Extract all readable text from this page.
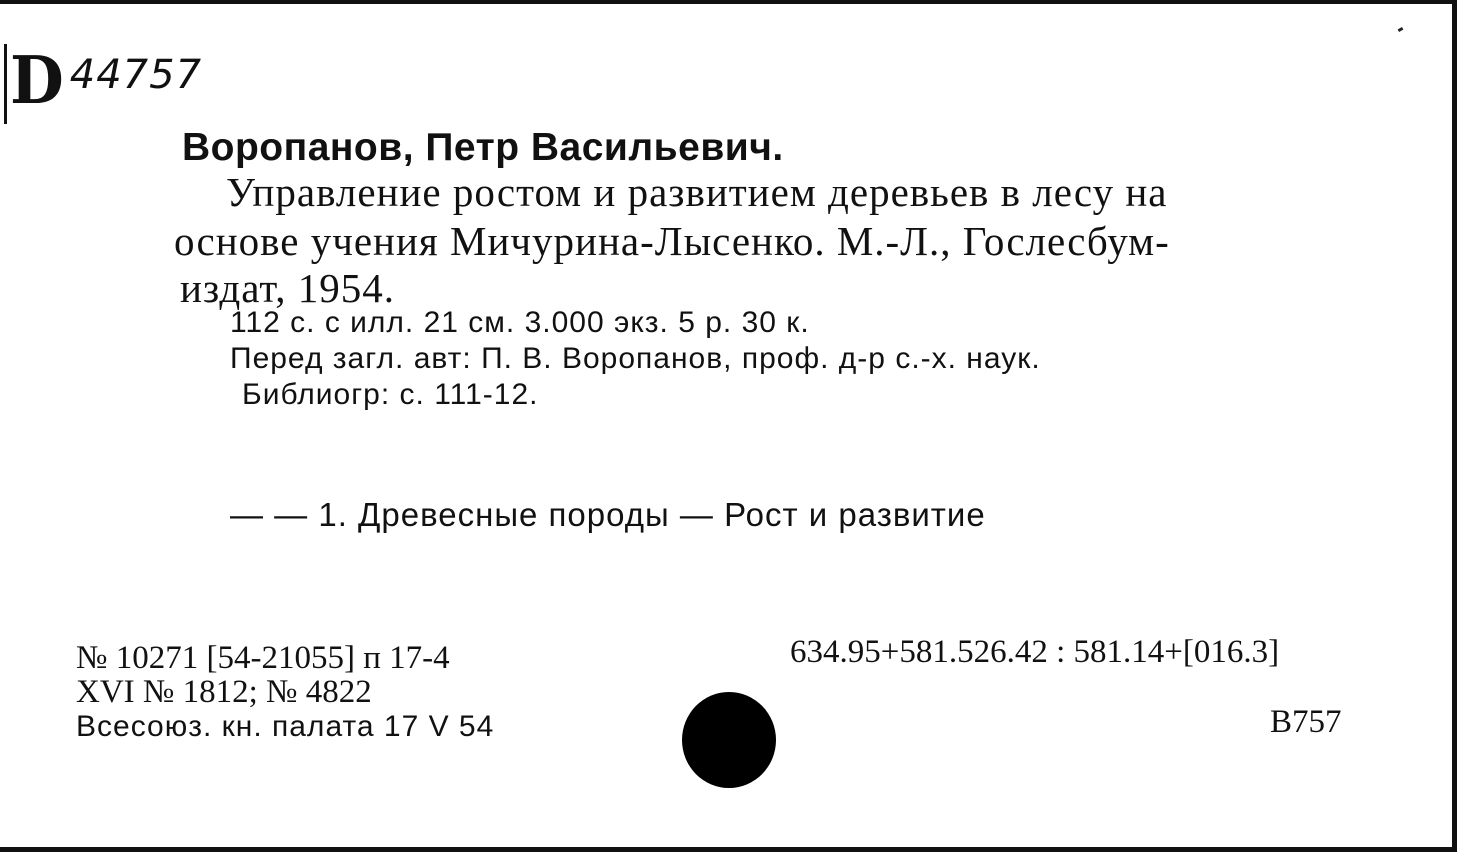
D 44757
Воропанов, Петр Васильевич.
Управление ростом и развитием деревьев в лесу на
основе учения Мичурина-Лысенко. М.-Л., Гослесбум-
издат, 1954.
112 с. с илл. 21 см. 3.000 экз. 5 р. 30 к.
Перед загл. авт: П. В. Воропанов, проф. д-р с.-х. наук.
Библиогр: с. 111-12.
— — 1. Древесные породы — Рост и развитие
№ 10271 [54-21055] п 17-4
XVI № 1812; № 4822
Всесоюз. кн. палата 17 V 54
634.95+581.526.42 : 581.14+[016.3]
В757
